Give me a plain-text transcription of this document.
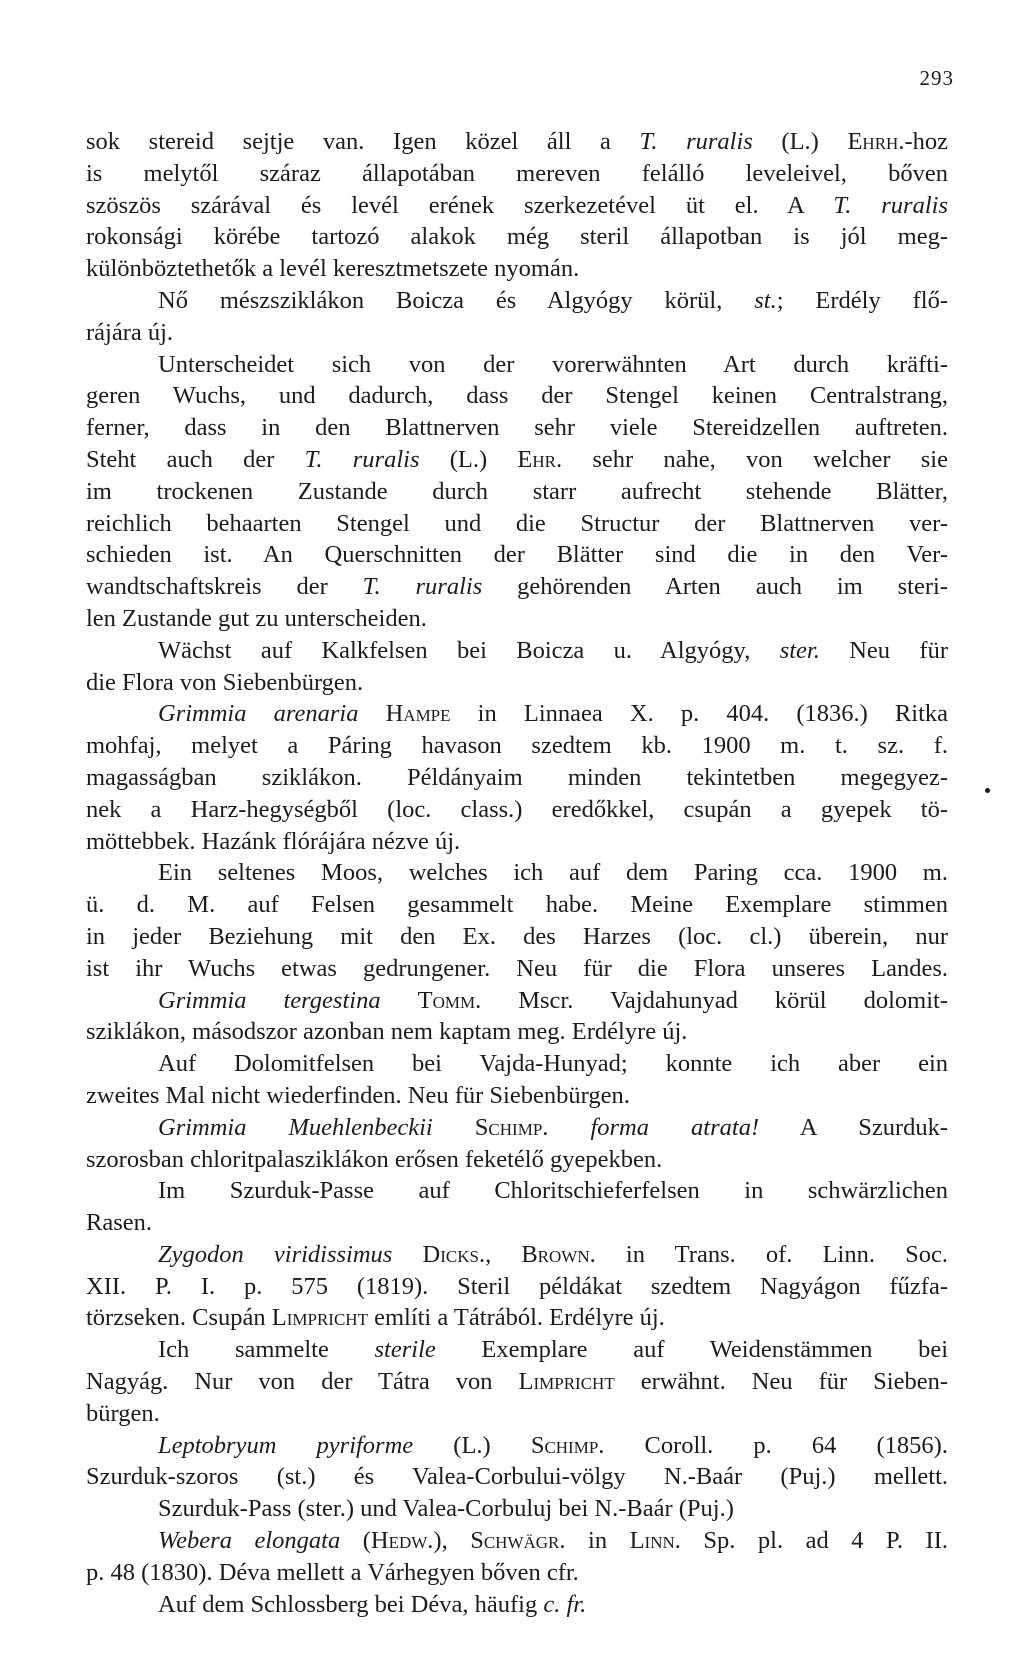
293
sok stereid sejtje van. Igen közel áll a T. ruralis (L.) Ehrh.-hoz
is melytől száraz állapotában mereven felálló leveleivel, bőven
szöszös szárával és levél erének szerkezetével üt el. A T. ruralis
rokonsági körébe tartozó alakok még steril állapotban is jól meg-
különböztethetők a levél keresztmetszete nyomán.
Nő mészsziklákon Boicza és Algyógy körül, st.; Erdély flő-
rájára új.
Unterscheidet sich von der vorerwähnten Art durch kräfti-
geren Wuchs, und dadurch, dass der Stengel keinen Centralstrang,
ferner, dass in den Blattnerven sehr viele Stereidzellen auftreten.
Steht auch der T. ruralis (L.) Ehr. sehr nahe, von welcher sie
im trockenen Zustande durch starr aufrecht stehende Blätter,
reichlich behaarten Stengel und die Structur der Blattnerven ver-
schieden ist. An Querschnitten der Blätter sind die in den Ver-
wandtschaftskreis der T. ruralis gehörenden Arten auch im steri-
len Zustande gut zu unterscheiden.
Wächst auf Kalkfelsen bei Boicza u. Algyógy, ster. Neu für
die Flora von Siebenbürgen.
Grimmia arenaria Hampe in Linnaea X. p. 404. (1836.) Ritka
mohfaj, melyet a Páring havason szedtem kb. 1900 m. t. sz. f.
magasságban sziklákon. Példányaim minden tekintetben megegyez-
nek a Harz-hegységből (loc. class.) eredőkkel, csupán a gyepek tö-
möttebbek. Hazánk flórájára nézve új.
Ein seltenes Moos, welches ich auf dem Paring cca. 1900 m.
ü. d. M. auf Felsen gesammelt habe. Meine Exemplare stimmen
in jeder Beziehung mit den Ex. des Harzes (loc. cl.) überein, nur
ist ihr Wuchs etwas gedrungener. Neu für die Flora unseres Landes.
Grimmia tergestina Tomm. Mscr. Vajdahunyad körül dolomit-
sziklákon, másodszor azonban nem kaptam meg. Erdélyre új.
Auf Dolomitfelsen bei Vajda-Hunyad; konnte ich aber ein
zweites Mal nicht wiederfinden. Neu für Siebenbürgen.
Grimmia Muehlenbeckii Schimp. forma atrata! A Szurduk-
szorosban chloritpalasziklákon erősen feketélő gyepekben.
Im Szurduk-Passe auf Chloritschieferfelsen in schwärzlichen
Rasen.
Zygodon viridissimus Dicks., Brown. in Trans. of. Linn. Soc.
XII. P. I. p. 575 (1819). Steril példákat szedtem Nagyágon fűzfa-
törzseken. Csupán Limpricht említi a Tátrából. Erdélyre új.
Ich sammelte sterile Exemplare auf Weidenstämmen bei
Nagyág. Nur von der Tátra von Limpricht erwähnt. Neu für Sieben-
bürgen.
Leptobryum pyriforme (L.) Schimp. Coroll. p. 64 (1856).
Szurduk-szoros (st.) és Valea-Corbului-völgy N.-Baár (Puj.) mellett.
Szurduk-Pass (ster.) und Valea-Corbuluj bei N.-Baár (Puj.)
Webera elongata (Hedw.), Schwägr. in Linn. Sp. pl. ad 4 P. II.
p. 48 (1830). Déva mellett a Várhegyen bőven cfr.
Auf dem Schlossberg bei Déva, häufig c. fr.
